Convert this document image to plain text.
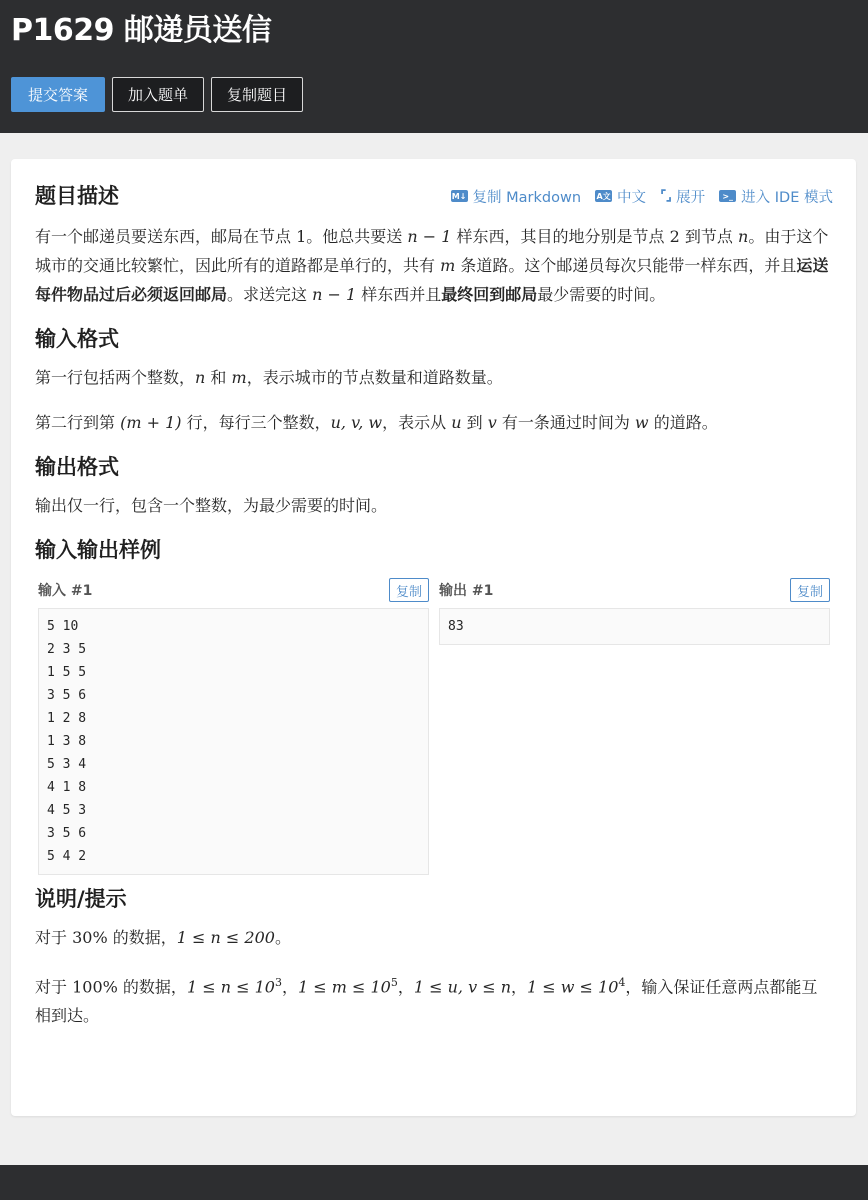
P1629 邮递员送信
提交答案	加入题单	复制题目
题目描述	M↓ 复制 Markdown A文 中文 ⌜⌟ 展开	>_ 进入 IDE 模式

有一个邮递员要送东西，邮局在节点 1。他总共要送 n − 1 样东西，其目的地分别是节点 2 到节点 n。由于这个城市的交通比较繁忙，因此所有的道路都是单行的，共有 m 条道路。这个邮递员每次只能带一样东西，并且运送每件物品过后必须返回邮局。求送完这 n − 1 样东西并且最终回到邮局最少需要的时间。

输入格式

第一行包括两个整数，n 和 m，表示城市的节点数量和道路数量。

第二行到第 (m + 1) 行，每行三个整数，u, v, w，表示从 u 到 v 有一条通过时间为 w 的道路。

输出格式

输出仅一行，包含一个整数，为最少需要的时间。

输入输出样例
输入 #1	复制
5 10
2 3 5
1 5 5
3 5 6
1 2 8
1 3 8
5 3 4
4 1 8
4 5 3
3 5 6
5 4 2
输出 #1	复制
83
说明/提示

对于 30% 的数据，1 ≤ n ≤ 200。

对于 100% 的数据，$1 \le n \le 10^3$，$1 \le m \le 10^5$，1 ≤ u, v ≤ n，$1 \le w \le 10^4$，输入保证任意两点都能互相到达。
